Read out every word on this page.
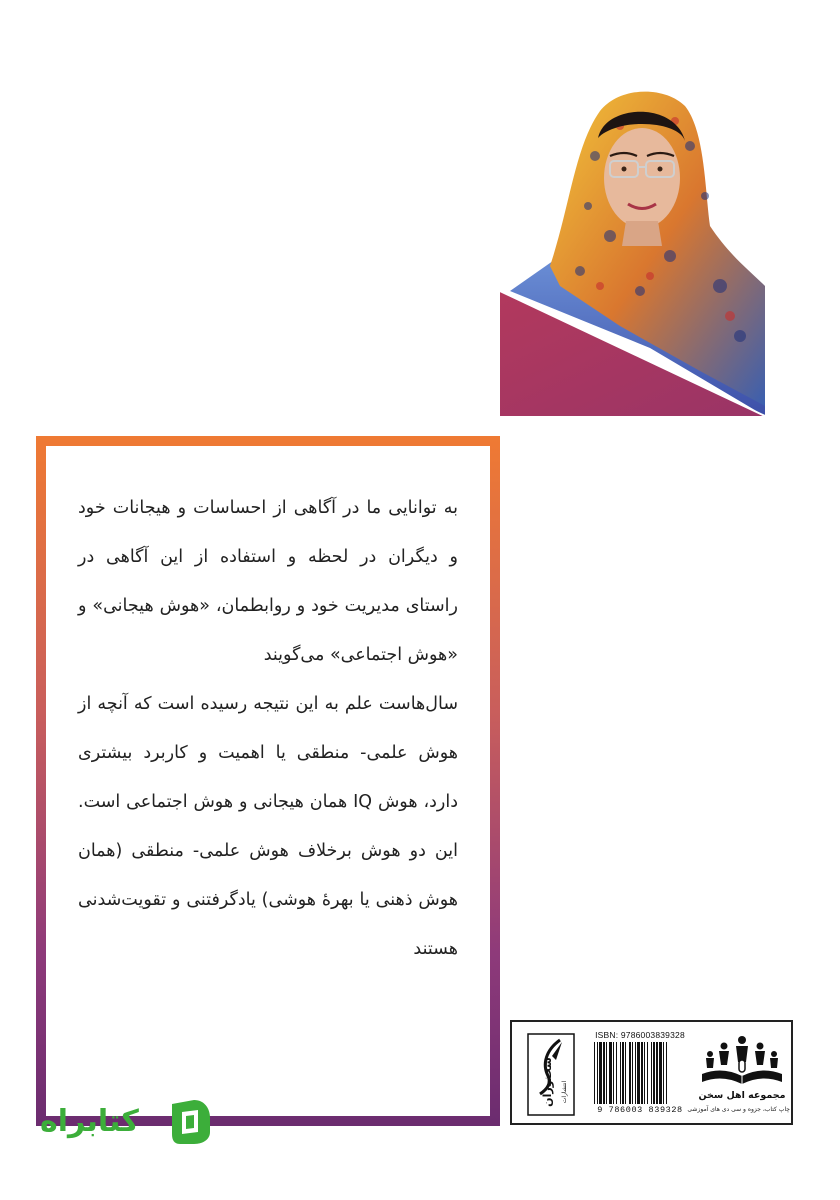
به توانایی ما در آگاهی از احساسات و هیجانات خود و دیگران در لحظه و استفاده از این آگاهی در راستای مدیریت خود و روابطمان، «هوش هیجانی» و «هوش اجتماعی» می‌گویند

سال‌هاست علم به این نتیجه رسیده است که آنچه از هوش علمی- منطقی یا اهمیت و کاربرد بیشتری دارد، هوش IQ همان هیجانی و هوش اجتماعی است. این دو هوش برخلاف هوش علمی- منطقی (همان هوش ذهنی یا بهرهٔ هوشی) یادگرفتنی و تقویت‌شدنی هستند

سخنوران انتشارات
ISBN: 9786003839328
9 786003 839328
مجموعه اهل سخن
چاپ کتاب، جزوه و سی دی های آموزشی
کتابراه
